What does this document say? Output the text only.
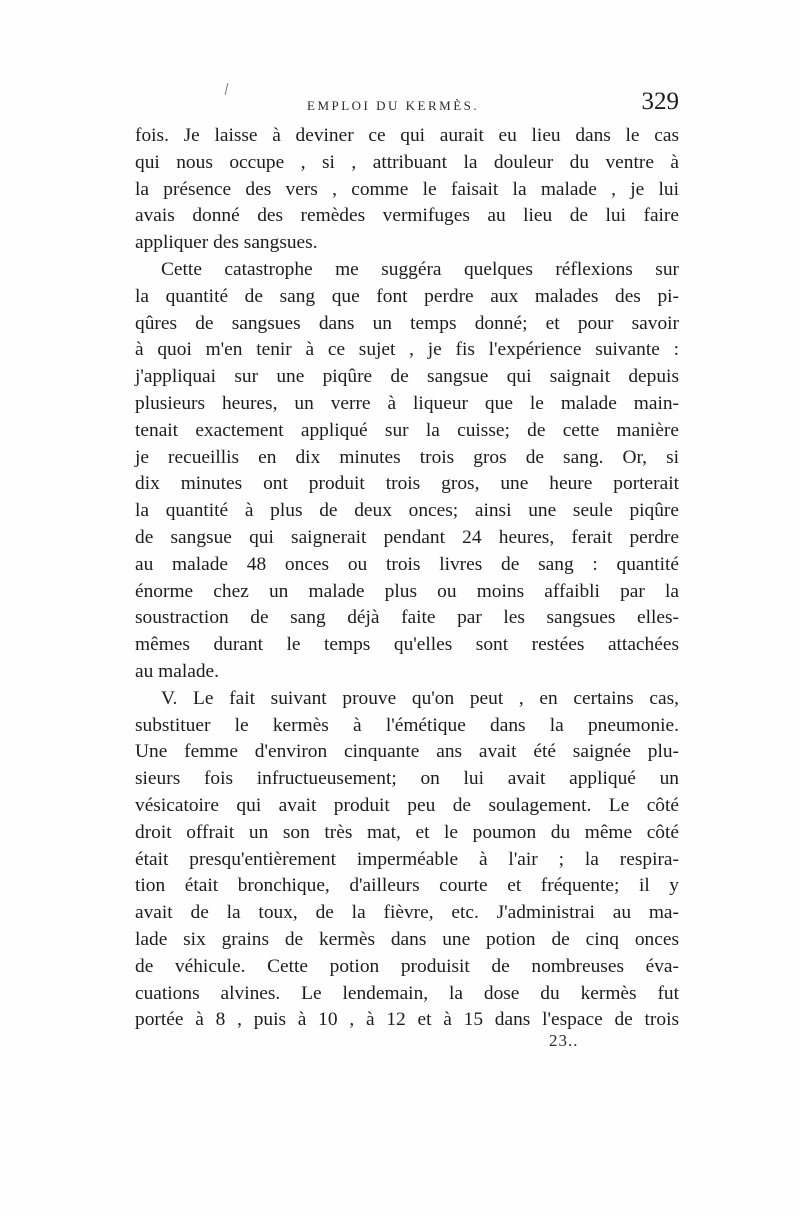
EMPLOI DU KERMÈS.	329
fois. Je laisse à deviner ce qui aurait eu lieu dans le cas
qui nous occupe , si , attribuant la douleur du ventre à
la présence des vers , comme le faisait la malade , je lui
avais donné des remèdes vermifuges au lieu de lui faire
appliquer des sangsues.
Cette catastrophe me suggéra quelques réflexions sur
la quantité de sang que font perdre aux malades des pi-
qûres de sangsues dans un temps donné; et pour savoir
à quoi m'en tenir à ce sujet , je fis l'expérience suivante :
j'appliquai sur une piqûre de sangsue qui saignait depuis
plusieurs heures, un verre à liqueur que le malade main-
tenait exactement appliqué sur la cuisse; de cette manière
je recueillis en dix minutes trois gros de sang. Or, si
dix minutes ont produit trois gros, une heure porterait
la quantité à plus de deux onces; ainsi une seule piqûre
de sangsue qui saignerait pendant 24 heures, ferait perdre
au malade 48 onces ou trois livres de sang : quantité
énorme chez un malade plus ou moins affaibli par la
soustraction de sang déjà faite par les sangsues elles-
mêmes durant le temps qu'elles sont restées attachées
au malade.
V. Le fait suivant prouve qu'on peut , en certains cas,
substituer le kermès à l'émétique dans la pneumonie.
Une femme d'environ cinquante ans avait été saignée plu-
sieurs fois infructueusement; on lui avait appliqué un
vésicatoire qui avait produit peu de soulagement. Le côté
droit offrait un son très mat, et le poumon du même côté
était presqu'entièrement imperméable à l'air ; la respira-
tion était bronchique, d'ailleurs courte et fréquente; il y
avait de la toux, de la fièvre, etc. J'administrai au ma-
lade six grains de kermès dans une potion de cinq onces
de véhicule. Cette potion produisit de nombreuses éva-
cuations alvines. Le lendemain, la dose du kermès fut
portée à 8 , puis à 10 , à 12 et à 15 dans l'espace de trois
23..
